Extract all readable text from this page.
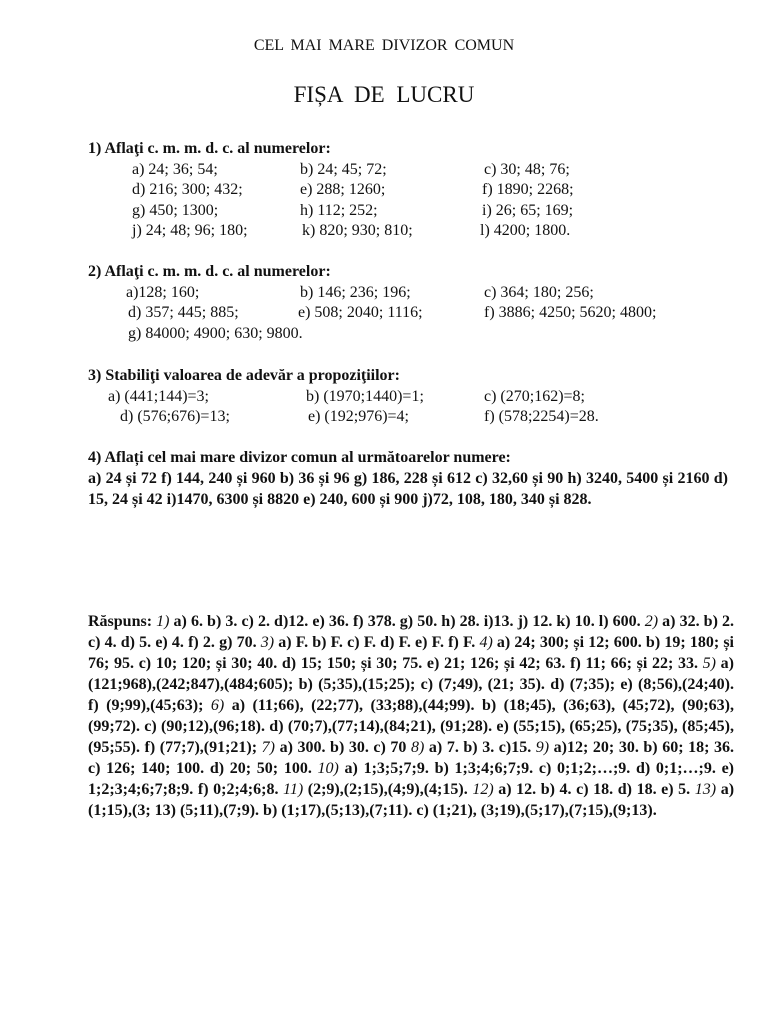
CEL MAI MARE DIVIZOR COMUN
FIȘA DE LUCRU
1) Aflaţi c. m. m. d. c. al numerelor:
a) 24; 36; 54;	b) 24; 45; 72;	c) 30; 48; 76;
d) 216; 300; 432;	e) 288; 1260;	f) 1890; 2268;
g) 450; 1300;	h) 112; 252;	i) 26; 65; 169;
j) 24; 48; 96; 180;	k) 820; 930; 810;	l) 4200; 1800.
2) Aflaţi c. m. m. d. c. al numerelor:
a)128; 160;	b) 146; 236; 196;	c) 364; 180; 256;
d) 357; 445; 885;	e) 508; 2040; 1116;	f) 3886; 4250; 5620; 4800;
g) 84000; 4900; 630; 9800.
3) Stabiliţi valoarea de adevăr a propoziţiilor:
a) (441;144)=3;	b) (1970;1440)=1;	c) (270;162)=8;
d) (576;676)=13;	e) (192;976)=4;	f) (578;2254)=28.
4) Aflați cel mai mare divizor comun al următoarelor numere:
a) 24 și 72 f) 144, 240 și 960 b) 36 și 96 g) 186, 228 și 612 c) 32,60 și 90 h) 3240, 5400 și 2160 d) 15, 24 și 42 i)1470, 6300 și 8820 e) 240, 600 și 900 j)72, 108, 180, 340 și 828.
Răspuns: 1) a) 6. b) 3. c) 2. d)12. e) 36. f) 378. g) 50. h) 28. i)13. j) 12. k) 10. l) 600. 2) a) 32. b) 2. c) 4. d) 5. e) 4. f) 2. g) 70. 3) a) F. b) F. c) F. d) F. e) F. f) F. 4) a) 24; 300; și 12; 600. b) 19; 180; și 76; 95. c) 10; 120; și 30; 40. d) 15; 150; și 30; 75. e) 21; 126; și 42; 63. f) 11; 66; și 22; 33. 5) a) (121;968),(242;847),(484;605); b) (5;35),(15;25); c) (7;49), (21; 35). d) (7;35); e) (8;56),(24;40). f) (9;99),(45;63); 6) a) (11;66), (22;77), (33;88),(44;99). b) (18;45), (36;63), (45;72), (90;63),(99;72). c) (90;12),(96;18). d) (70;7),(77;14),(84;21), (91;28). e) (55;15), (65;25), (75;35), (85;45), (95;55). f) (77;7),(91;21); 7) a) 300. b) 30. c) 70 8) a) 7. b) 3. c)15. 9) a)12; 20; 30. b) 60; 18; 36. c) 126; 140; 100. d) 20; 50; 100. 10) a) 1;3;5;7;9. b) 1;3;4;6;7;9. c) 0;1;2;…;9. d) 0;1;…;9. e) 1;2;3;4;6;7;8;9. f) 0;2;4;6;8. 11) (2;9),(2;15),(4;9),(4;15). 12) a) 12. b) 4. c) 18. d) 18. e) 5. 13) a) (1;15),(3; 13) (5;11),(7;9). b) (1;17),(5;13),(7;11). c) (1;21), (3;19),(5;17),(7;15),(9;13).
